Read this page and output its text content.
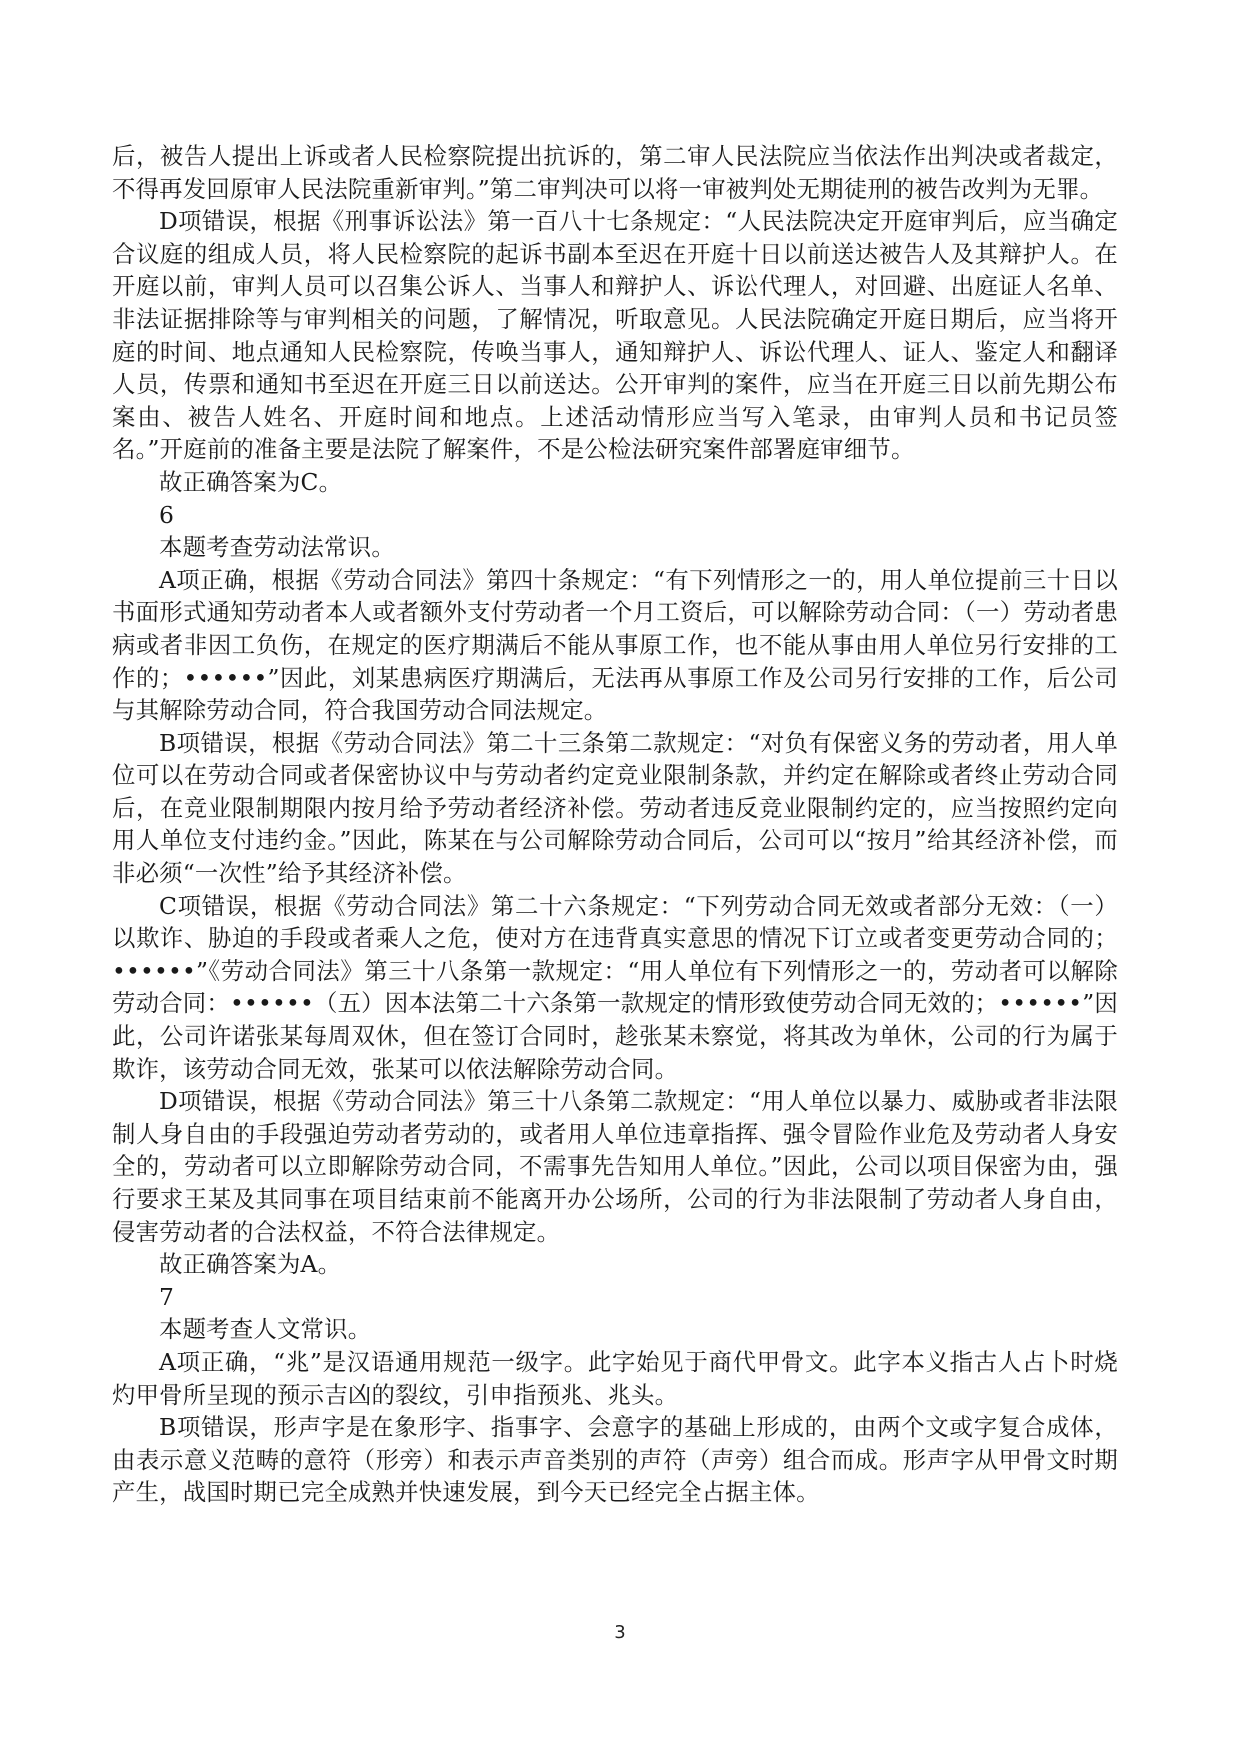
后，被告人提出上诉或者人民检察院提出抗诉的，第二审人民法院应当依法作出判决或者裁定，不得再发回原审人民法院重新审判。”第二审判决可以将一审被判处无期徒刑的被告改判为无罪。

D项错误，根据《刑事诉讼法》第一百八十七条规定：“人民法院决定开庭审判后，应当确定合议庭的组成人员，将人民检察院的起诉书副本至迟在开庭十日以前送达被告人及其辩护人。在开庭以前，审判人员可以召集公诉人、当事人和辩护人、诉讼代理人，对回避、出庭证人名单、非法证据排除等与审判相关的问题，了解情况，听取意见。人民法院确定开庭日期后，应当将开庭的时间、地点通知人民检察院，传唤当事人，通知辩护人、诉讼代理人、证人、鉴定人和翻译人员，传票和通知书至迟在开庭三日以前送达。公开审判的案件，应当在开庭三日以前先期公布案由、被告人姓名、开庭时间和地点。上述活动情形应当写入笔录，由审判人员和书记员签名。”开庭前的准备主要是法院了解案件，不是公检法研究案件部署庭审细节。

故正确答案为C。

6

本题考查劳动法常识。

A项正确，根据《劳动合同法》第四十条规定：“有下列情形之一的，用人单位提前三十日以书面形式通知劳动者本人或者额外支付劳动者一个月工资后，可以解除劳动合同：（一）劳动者患病或者非因工负伤，在规定的医疗期满后不能从事原工作，也不能从事由用人单位另行安排的工作的；••••••”因此，刘某患病医疗期满后，无法再从事原工作及公司另行安排的工作，后公司与其解除劳动合同，符合我国劳动合同法规定。

B项错误，根据《劳动合同法》第二十三条第二款规定：“对负有保密义务的劳动者，用人单位可以在劳动合同或者保密协议中与劳动者约定竞业限制条款，并约定在解除或者终止劳动合同后，在竞业限制期限内按月给予劳动者经济补偿。劳动者违反竞业限制约定的，应当按照约定向用人单位支付违约金。”因此，陈某在与公司解除劳动合同后，公司可以“按月”给其经济补偿，而非必须“一次性”给予其经济补偿。

C项错误，根据《劳动合同法》第二十六条规定：“下列劳动合同无效或者部分无效：（一）以欺诈、胁迫的手段或者乘人之危，使对方在违背真实意思的情况下订立或者变更劳动合同的；••••••”《劳动合同法》第三十八条第一款规定：“用人单位有下列情形之一的，劳动者可以解除劳动合同：••••••（五）因本法第二十六条第一款规定的情形致使劳动合同无效的；••••••”因此，公司许诺张某每周双休，但在签订合同时，趁张某未察觉，将其改为单休，公司的行为属于欺诈，该劳动合同无效，张某可以依法解除劳动合同。

D项错误，根据《劳动合同法》第三十八条第二款规定：“用人单位以暴力、威胁或者非法限制人身自由的手段强迫劳动者劳动的，或者用人单位违章指挥、强令冒险作业危及劳动者人身安全的，劳动者可以立即解除劳动合同，不需事先告知用人单位。”因此，公司以项目保密为由，强行要求王某及其同事在项目结束前不能离开办公场所，公司的行为非法限制了劳动者人身自由，侵害劳动者的合法权益，不符合法律规定。

故正确答案为A。

7

本题考查人文常识。

A项正确，“兆”是汉语通用规范一级字。此字始见于商代甲骨文。此字本义指古人占卜时烧灼甲骨所呈现的预示吉凶的裂纹，引申指预兆、兆头。

B项错误，形声字是在象形字、指事字、会意字的基础上形成的，由两个文或字复合成体，由表示意义范畴的意符（形旁）和表示声音类别的声符（声旁）组合而成。形声字从甲骨文时期产生，战国时期已完全成熟并快速发展，到今天已经完全占据主体。

3
